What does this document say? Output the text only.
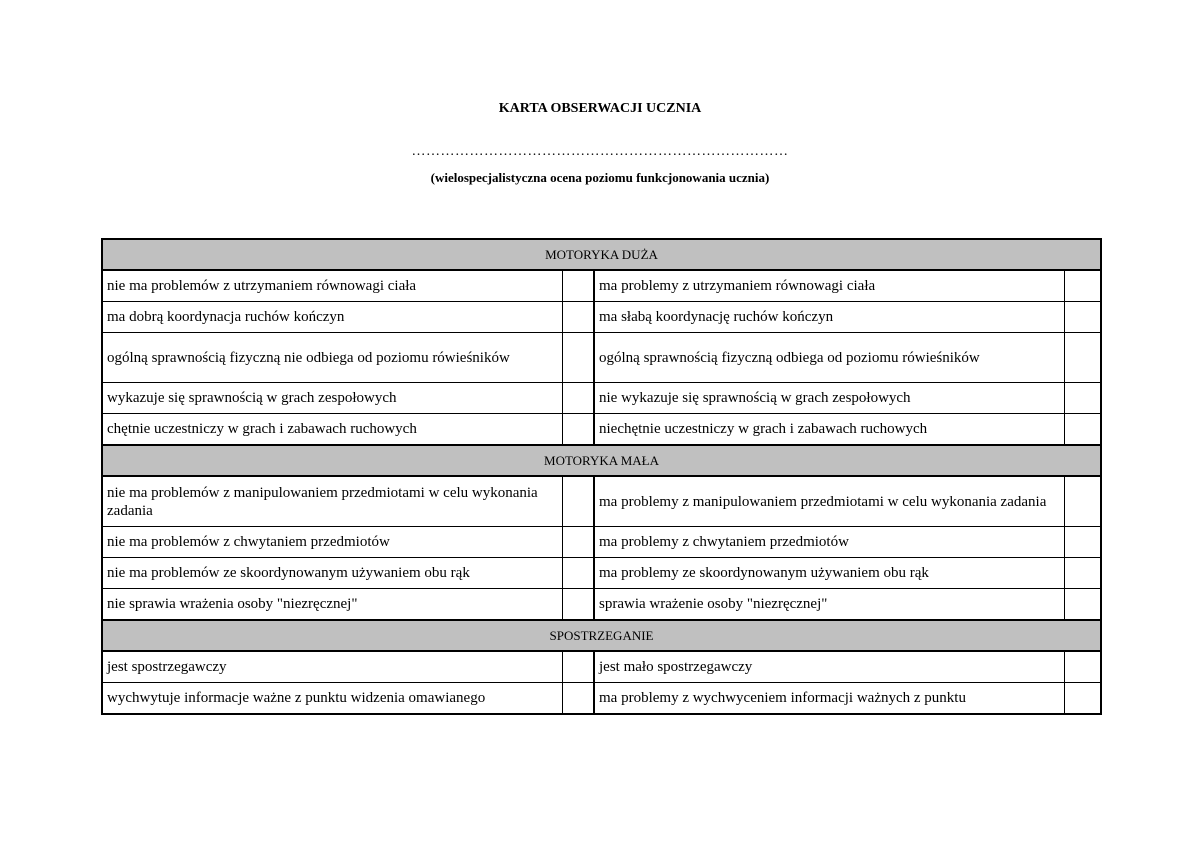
KARTA OBSERWACJI UCZNIA
……………………………………………………………………
(wielospecjalistyczna ocena poziomu funkcjonowania ucznia)
MOTORYKA DUŻA			
nie ma problemów z utrzymaniem równowagi ciała		ma problemy z utrzymaniem równowagi ciała	
ma dobrą koordynacja ruchów kończyn		ma słabą koordynację ruchów kończyn	
ogólną sprawnością fizyczną nie odbiega od poziomu rówieśników		ogólną sprawnością fizyczną odbiega od poziomu rówieśników	
wykazuje się sprawnością w grach zespołowych		nie wykazuje się sprawnością w grach zespołowych	
chętnie uczestniczy w grach i zabawach ruchowych		niechętnie uczestniczy w grach i zabawach ruchowych	
MOTORYKA MAŁA			
nie ma problemów z manipulowaniem przedmiotami w celu wykonania zadania		ma problemy z manipulowaniem przedmiotami w celu wykonania zadania	
nie ma problemów z chwytaniem przedmiotów		ma problemy z chwytaniem przedmiotów	
nie ma problemów ze skoordynowanym używaniem obu rąk		ma problemy ze skoordynowanym używaniem obu rąk	
nie sprawia wrażenia osoby "niezręcznej"		sprawia wrażenie osoby "niezręcznej"	
SPOSTRZEGANIE			
jest spostrzegawczy		jest mało spostrzegawczy	
wychwytuje informacje ważne z punktu widzenia omawianego		ma problemy z wychwyceniem informacji ważnych z punktu	
